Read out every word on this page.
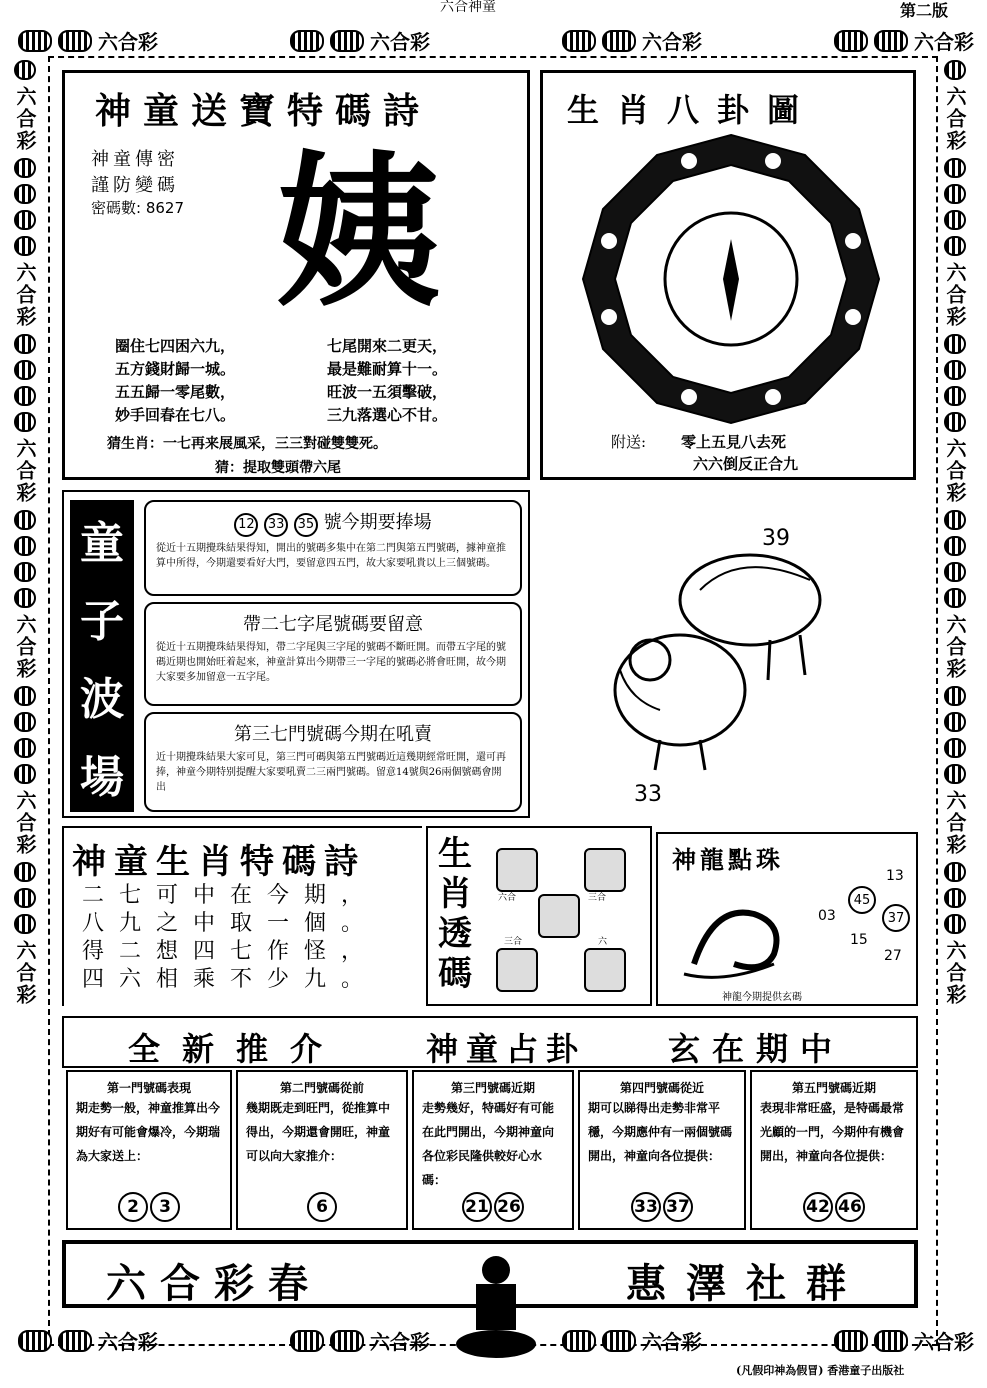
六合神童	第二版
六合彩	六合彩	六合彩	六合彩
六合彩
六合彩
六合彩
六合彩
六合彩
六合彩
六合彩
六合彩
六合彩
六合彩
六合彩
六合彩
神童送寶特碼詩
神童傳密
謹防變碼
密碼數: 8627 姨
圈住七四困六九，
五方錢財歸一城。
五五歸一零尾數，
妙手回春在七八。
七尾開來二更天，
最是難耐算十一。
旺波一五須擊破，
三九落選心不甘。
猜生肖：一七再来展風采，三三對碰雙雙死。
猜：提取雙頭帶六尾
生肖八卦圖
附送: 零上五見八去死
六六倒反正合九
童
子
波
場
12 33 35 號今期要捧場
從近十五期攪珠結果得知，開出的號碼多集中在第二門與第五門號碼，據神童推算中所得，今期還要看好大門，要留意四五門，故大家要吼貴以上三個號碼。
帶二七字尾號碼要留意
從近十五期攪珠結果得知，帶二字尾與三字尾的號碼不斷旺開。而帶五字尾的號碼近期也開始旺着起來，神童計算出今期帶三一字尾的號碼必將會旺開，故今期大家要多加留意一五字尾。
第三七門號碼今期在吼賣
近十期攪珠結果大家可見，第三門可碼與第五門號碼近這幾期經常旺開，還可再捧，神童今期特别提醒大家要吼賣二三兩門號碼。留意14號與26兩個號碼會開出
39
33
神童生肖特碼詩
二七可中在今期，
八九之中取一個。
得二想四七作怪，
四六相乘不少九。
生
肖
透
碼
六合	三合
三合	六
神龍點珠
13
45
37
03
15
27
神龍今期提供玄碼
全新推介	神童占卦	玄在期中
第一門號碼表現
期走勢一般，神童推算出今期好有可能會爆冷，今期瑞為大家送上：
2	3
第二門號碼從前
幾期既走到旺門，從推算中得出，今期還會開旺，神童可以向大家推介：
6
第三門號碼近期
走勢幾好，特碼好有可能在此門開出，今期神童向各位彩民隆供較好心水碼：
21 26
第四門號碼從近
期可以睇得出走勢非常平穩，今期應仲有一兩個號碼開出，神童向各位提供：
33 37
第五門號碼近期
表現非常旺盛，是特碼最常光顧的一門，今期仲有機會開出，神童向各位提供：
42 46
六合彩春	惠澤社群
六合彩	六合彩	六合彩	六合彩
(凡假印神為假冒) 香港童子出版社
